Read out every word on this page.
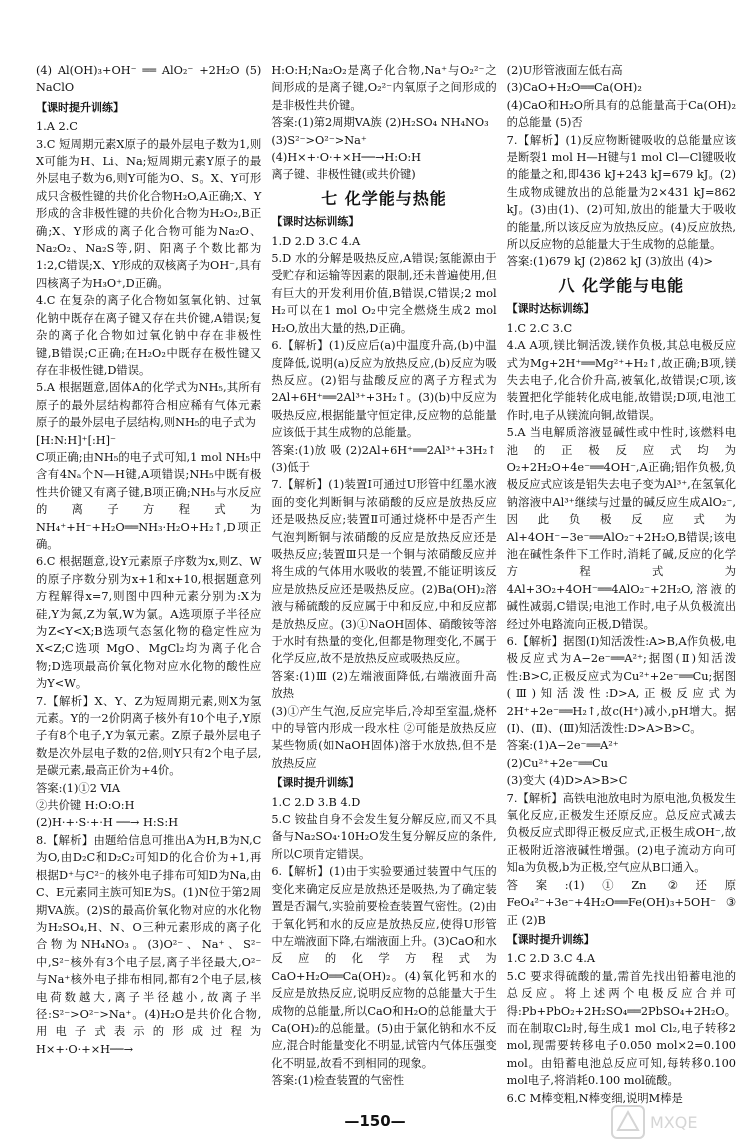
(4) Al(OH)₃+OH⁻ ══ AlO₂⁻ +2H₂O (5) NaClO

【课时提升训练】

1.A 2.C

3.C 短周期元素X原子的最外层电子数为1,则X可能为H、Li、Na;短周期元素Y原子的最外层电子数为6,则Y可能为O、S。X、Y可形成只含极性键的共价化合物H₂O,A正确;X、Y形成的含非极性键的共价化合物为H₂O₂,B正确;X、Y形成的离子化合物可能为Na₂O、Na₂O₂、Na₂S等,阴、阳离子个数比都为1:2,C错误;X、Y形成的双核离子为OH⁻,具有四核离子为H₃O⁺,D正确。

4.C 在复杂的离子化合物如氢氧化钠、过氧化钠中既存在离子键又存在共价键,A错误;复杂的离子化合物如过氧化钠中存在非极性键,B错误;C正确;在H₂O₂中既存在极性键又存在非极性键,D错误。

5.A 根据题意,固体A的化学式为NH₅,其所有原子的最外层结构都符合相应稀有气体元素原子的最外层电子层结构,则NH₅的电子式为

[H:N:H]⁺[:H]⁻

C项正确;由NH₅的电子式可知,1 mol NH₅中含有4Nₐ个N—H键,A项错误;NH₅中既有极性共价键又有离子键,B项正确;NH₅与水反应的离子方程式为NH₄⁺+H⁻+H₂O══NH₃·H₂O+H₂↑,D项正确。

6.C 根据题意,设Y元素原子序数为x,则Z、W的原子序数分别为x+1和x+10,根据题意列方程解得x=7,则图中四种元素分别为:X为硅,Y为氮,Z为氧,W为氯。A选项原子半径应为Z<Y<X;B选项气态氢化物的稳定性应为X<Z;C选项 MgO、MgCl₂均为离子化合物;D选项最高价氧化物对应水化物的酸性应为Y<W。

7.【解析】X、Y、Z为短周期元素,则X为氢元素。Y的一2价阴离子核外有10个电子,Y原子有8个电子,Y为氧元素。Z原子最外层电子数是次外层电子数的2倍,则Y只有2个电子层,是碳元素,最高正价为+4价。

答案:(1)①2 ⅥA

②共价键 H:O:O:H

(2)H·+·S·+·H ──→ H:S:H

8.【解析】由题给信息可推出A为H,B为N,C为O,由D₂C和D₂C₂可知D的化合价为+1,再根据D⁺与C²⁻的核外电子排布可知D为Na,由C、E元素同主族可知E为S。(1)N位于第2周期VA族。(2)S的最高价氧化物对应的水化物为H₂SO₄,H、N、O三种元素形成的离子化合物为NH₄NO₃。(3)O²⁻、Na⁺、S²⁻中,S²⁻核外有3个电子层,离子半径最大,O²⁻与Na⁺核外电子排布相同,都有2个电子层,核电荷数越大,离子半径越小,故离子半径:S²⁻>O²⁻>Na⁺。(4)H₂O是共价化合物,用电子式表示的形成过程为H×+·O·+×H──→

H:O:H;Na₂O₂是离子化合物,Na⁺与O₂²⁻之间形成的是离子键,O₂²⁻内氧原子之间形成的是非极性共价键。

答案:(1)第2周期VA族 (2)H₂SO₄ NH₄NO₃

(3)S²⁻>O²⁻>Na⁺

(4)H×+·O·+×H──→H:O:H

离子键、非极性键(或共价键)

七 化学能与热能
【课时达标训练】

1.D 2.D 3.C 4.A

5.D 水的分解是吸热反应,A错误;氢能源由于受贮存和运输等因素的限制,还未普遍使用,但有巨大的开发利用价值,B错误,C错误;2 mol H₂可以在1 mol O₂中完全燃烧生成2 mol H₂O,放出大量的热,D正确。

6.【解析】(1)反应后(a)中温度升高,(b)中温度降低,说明(a)反应为放热反应,(b)反应为吸热反应。(2)铝与盐酸反应的离子方程式为2Al+6H⁺══2Al³⁺+3H₂↑。(3)(b)中反应为吸热反应,根据能量守恒定律,反应物的总能量应该低于其生成物的总能量。

答案:(1)放 吸 (2)2Al+6H⁺══2Al³⁺+3H₂↑ (3)低于

7.【解析】(1)装置Ⅰ可通过U形管中红墨水液面的变化判断铜与浓硝酸的反应是放热反应还是吸热反应;装置Ⅱ可通过烧杯中是否产生气泡判断铜与浓硝酸的反应是放热反应还是吸热反应;装置Ⅲ只是一个铜与浓硝酸反应并将生成的气体用水吸收的装置,不能证明该反应是放热反应还是吸热反应。(2)Ba(OH)₂溶液与稀硫酸的反应属于中和反应,中和反应都是放热反应。(3)①NaOH固体、硝酸铵等溶于水时有热量的变化,但都是物理变化,不属于化学反应,故不是放热反应或吸热反应。

答案:(1)Ⅲ (2)左端液面降低,右端液面升高 放热

(3)①产生气泡,反应完毕后,冷却至室温,烧杯中的导管内形成一段水柱 ②可能是放热反应 某些物质(如NaOH固体)溶于水放热,但不是放热反应

【课时提升训练】

1.C 2.D 3.B 4.D

5.C 铵盐自身不会发生复分解反应,而又不具备与Na₂SO₄·10H₂O发生复分解反应的条件,所以C项肯定错误。

6.【解析】(1)由于实验要通过装置中气压的变化来确定反应是放热还是吸热,为了确定装置是否漏气,实验前要检查装置气密性。(2)由于氧化钙和水的反应是放热反应,使得U形管中左端液面下降,右端液面上升。(3)CaO和水反应的化学方程式为CaO+H₂O══Ca(OH)₂。(4)氧化钙和水的反应是放热反应,说明反应物的总能量大于生成物的总能量,所以CaO和H₂O的总能量大于Ca(OH)₂的总能量。(5)由于氯化钠和水不反应,混合时能量变化不明显,试管内气体压强变化不明显,故看不到相同的现象。

答案:(1)检查装置的气密性

(2)U形管液面左低右高

(3)CaO+H₂O══Ca(OH)₂

(4)CaO和H₂O所具有的总能量高于Ca(OH)₂的总能量 (5)否

7.【解析】(1)反应物断键吸收的总能量应该是断裂1 mol H—H键与1 mol Cl—Cl键吸收的能量之和,即436 kJ+243 kJ=679 kJ。(2)生成物成键放出的总能量为2×431 kJ=862 kJ。(3)由(1)、(2)可知,放出的能量大于吸收的能量,所以该反应为放热反应。(4)反应放热,所以反应物的总能量大于生成物的总能量。

答案:(1)679 kJ (2)862 kJ (3)放出 (4)>

八 化学能与电能
【课时达标训练】

1.C 2.C 3.C

4.A A项,镁比铜活泼,镁作负极,其总电极反应式为Mg+2H⁺══Mg²⁺+H₂↑,故正确;B项,镁失去电子,化合价升高,被氧化,故错误;C项,该装置把化学能转化成电能,故错误;D项,电池工作时,电子从镁流向铜,故错误。

5.A 当电解质溶液显碱性或中性时,该燃料电池的正极反应式均为O₂+2H₂O+4e⁻══4OH⁻,A正确;铝作负极,负极反应式应该是铝失去电子变为Al³⁺,在氢氧化钠溶液中Al³⁺继续与过量的碱反应生成AlO₂⁻,因此负极反应式为Al+4OH⁻−3e⁻══AlO₂⁻+2H₂O,B错误;该电池在碱性条件下工作时,消耗了碱,反应的化学方程式为4Al+3O₂+4OH⁻══4AlO₂⁻+2H₂O,溶液的碱性减弱,C错误;电池工作时,电子从负极流出经过外电路流向正极,D错误。

6.【解析】据图(Ⅰ)知活泼性:A>B,A作负极,电极反应式为A−2e⁻══A²⁺;据图(Ⅱ)知活泼性:B>C,正极反应式为Cu²⁺+2e⁻══Cu;据图(Ⅲ)知活泼性:D>A,正极反应式为2H⁺+2e⁻══H₂↑,故c(H⁺)减小,pH增大。据(Ⅰ)、(Ⅱ)、(Ⅲ)知活泼性:D>A>B>C。

答案:(1)A−2e⁻══A²⁺

(2)Cu²⁺+2e⁻══Cu

(3)变大 (4)D>A>B>C

7.【解析】高铁电池放电时为原电池,负极发生氧化反应,正极发生还原反应。总反应式减去负极反应式即得正极反应式,正极生成OH⁻,故正极附近溶液碱性增强。(2)电子流动方向可知a为负极,b为正极,空气应从B口通入。

答案:(1)①Zn ②还原 FeO₄²⁻+3e⁻+4H₂O══Fe(OH)₃+5OH⁻ ③正 (2)B

【课时提升训练】

1.C 2.D 3.C 4.A

5.C 要求得硫酸的量,需首先找出铅蓄电池的总反应。将上述两个电极反应合并可得:Pb+PbO₂+2H₂SO₄══2PbSO₄+2H₂O。而在制取Cl₂时,每生成1 mol Cl₂,电子转移2 mol,现需要转移电子0.050 mol×2=0.100 mol。由铅蓄电池总反应可知,每转移0.100 mol电子,将消耗0.100 mol硫酸。

6.C M棒变粗,N棒变细,说明M棒是

—150—	MXQE
